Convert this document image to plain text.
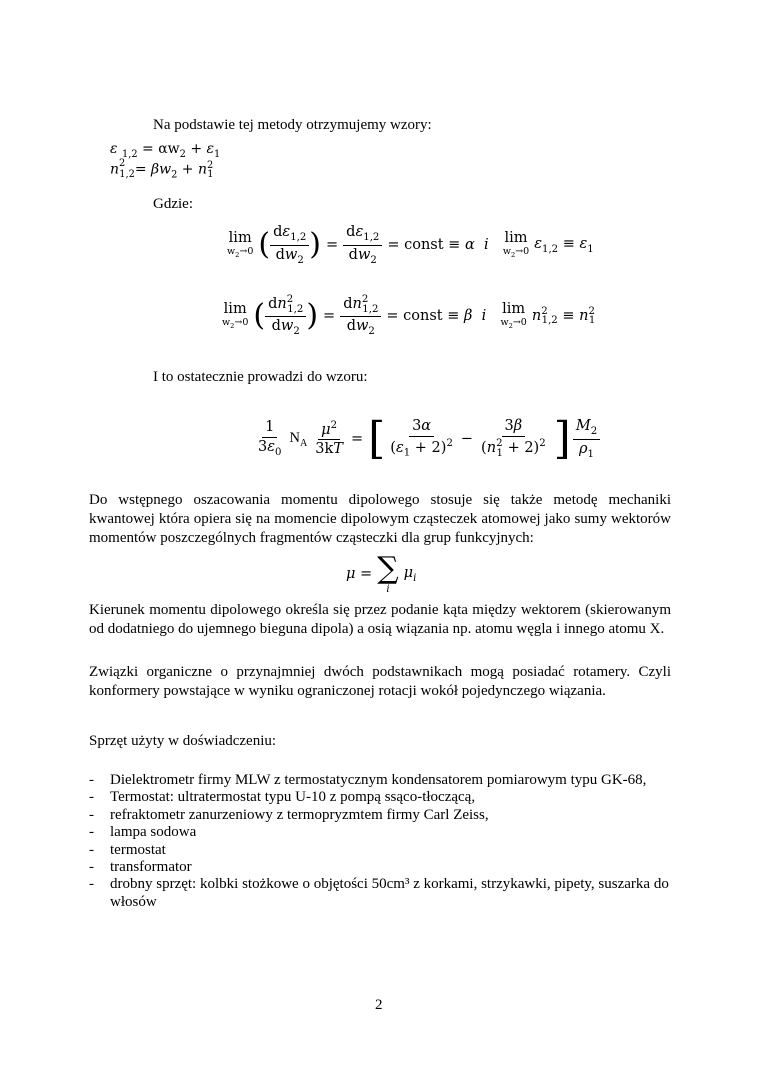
Na podstawie tej metody otrzymujemy wzory:
ε $_{1,2} = \alpha w_2 + \varepsilon_1$
$n^2_{1,2}= \beta w_2 + n^2_1$
Gdzie:
lim
$w_2\to 0$ ( $\frac{d\varepsilon_{1,2}}{dw_2}$ ) = $\frac{d\varepsilon_{1,2}}{dw_2}$ = const ≡ α i	lim
$w_2\to 0$ $\varepsilon_{1,2} \equiv \varepsilon_1$
lim
$w_2\to 0$ ( $\frac{dn^2_{1,2}}{dw_2}$ ) = $\frac{dn^2_{1,2}}{dw_2}$ = const ≡ β i	lim
$w_2\to 0$ $n^2_{1,2} \equiv n^2_1$
I to ostatecznie prowadzi do wzoru:
$\frac{1}{3\varepsilon_0} N_A \frac{\mu^2}{3kT}$ = [ $\frac{3\alpha}{(\varepsilon_1 + 2)^2} - \frac{3\beta}{(n^2_1 + 2)^2}$ ] $\frac{M_2}{\rho_1}$

Do wstępnego oszacowania momentu dipolowego stosuje się także metodę mechaniki kwantowej która opiera się na momencie dipolowym cząsteczek atomowej jako sumy wektorów momentów poszczególnych fragmentów cząsteczki dla grup funkcyjnych:

μ = ∑
i
$\mu_i$

Kierunek momentu dipolowego określa się przez podanie kąta między wektorem (skierowanym od dodatniego do ujemnego bieguna dipola) a osią wiązania np. atomu węgla i innego atomu X.

Związki organiczne o przynajmniej dwóch podstawnikach mogą posiadać rotamery. Czyli konformery powstające w wyniku ograniczonej rotacji wokół pojedynczego wiązania.

Sprzęt użyty w doświadczeniu:
- Dielektrometr firmy MLW z termostatycznym kondensatorem pomiarowym typu GK-68,
- Termostat: ultratermostat typu U-10 z pompą ssąco-tłoczącą,
- refraktometr zanurzeniowy z termopryzmtem firmy Carl Zeiss,
- lampa sodowa
- termostat
- transformator
- drobny sprzęt: kolbki stożkowe o objętości 50cm³ z korkami, strzykawki, pipety, suszarka do włosów
2
